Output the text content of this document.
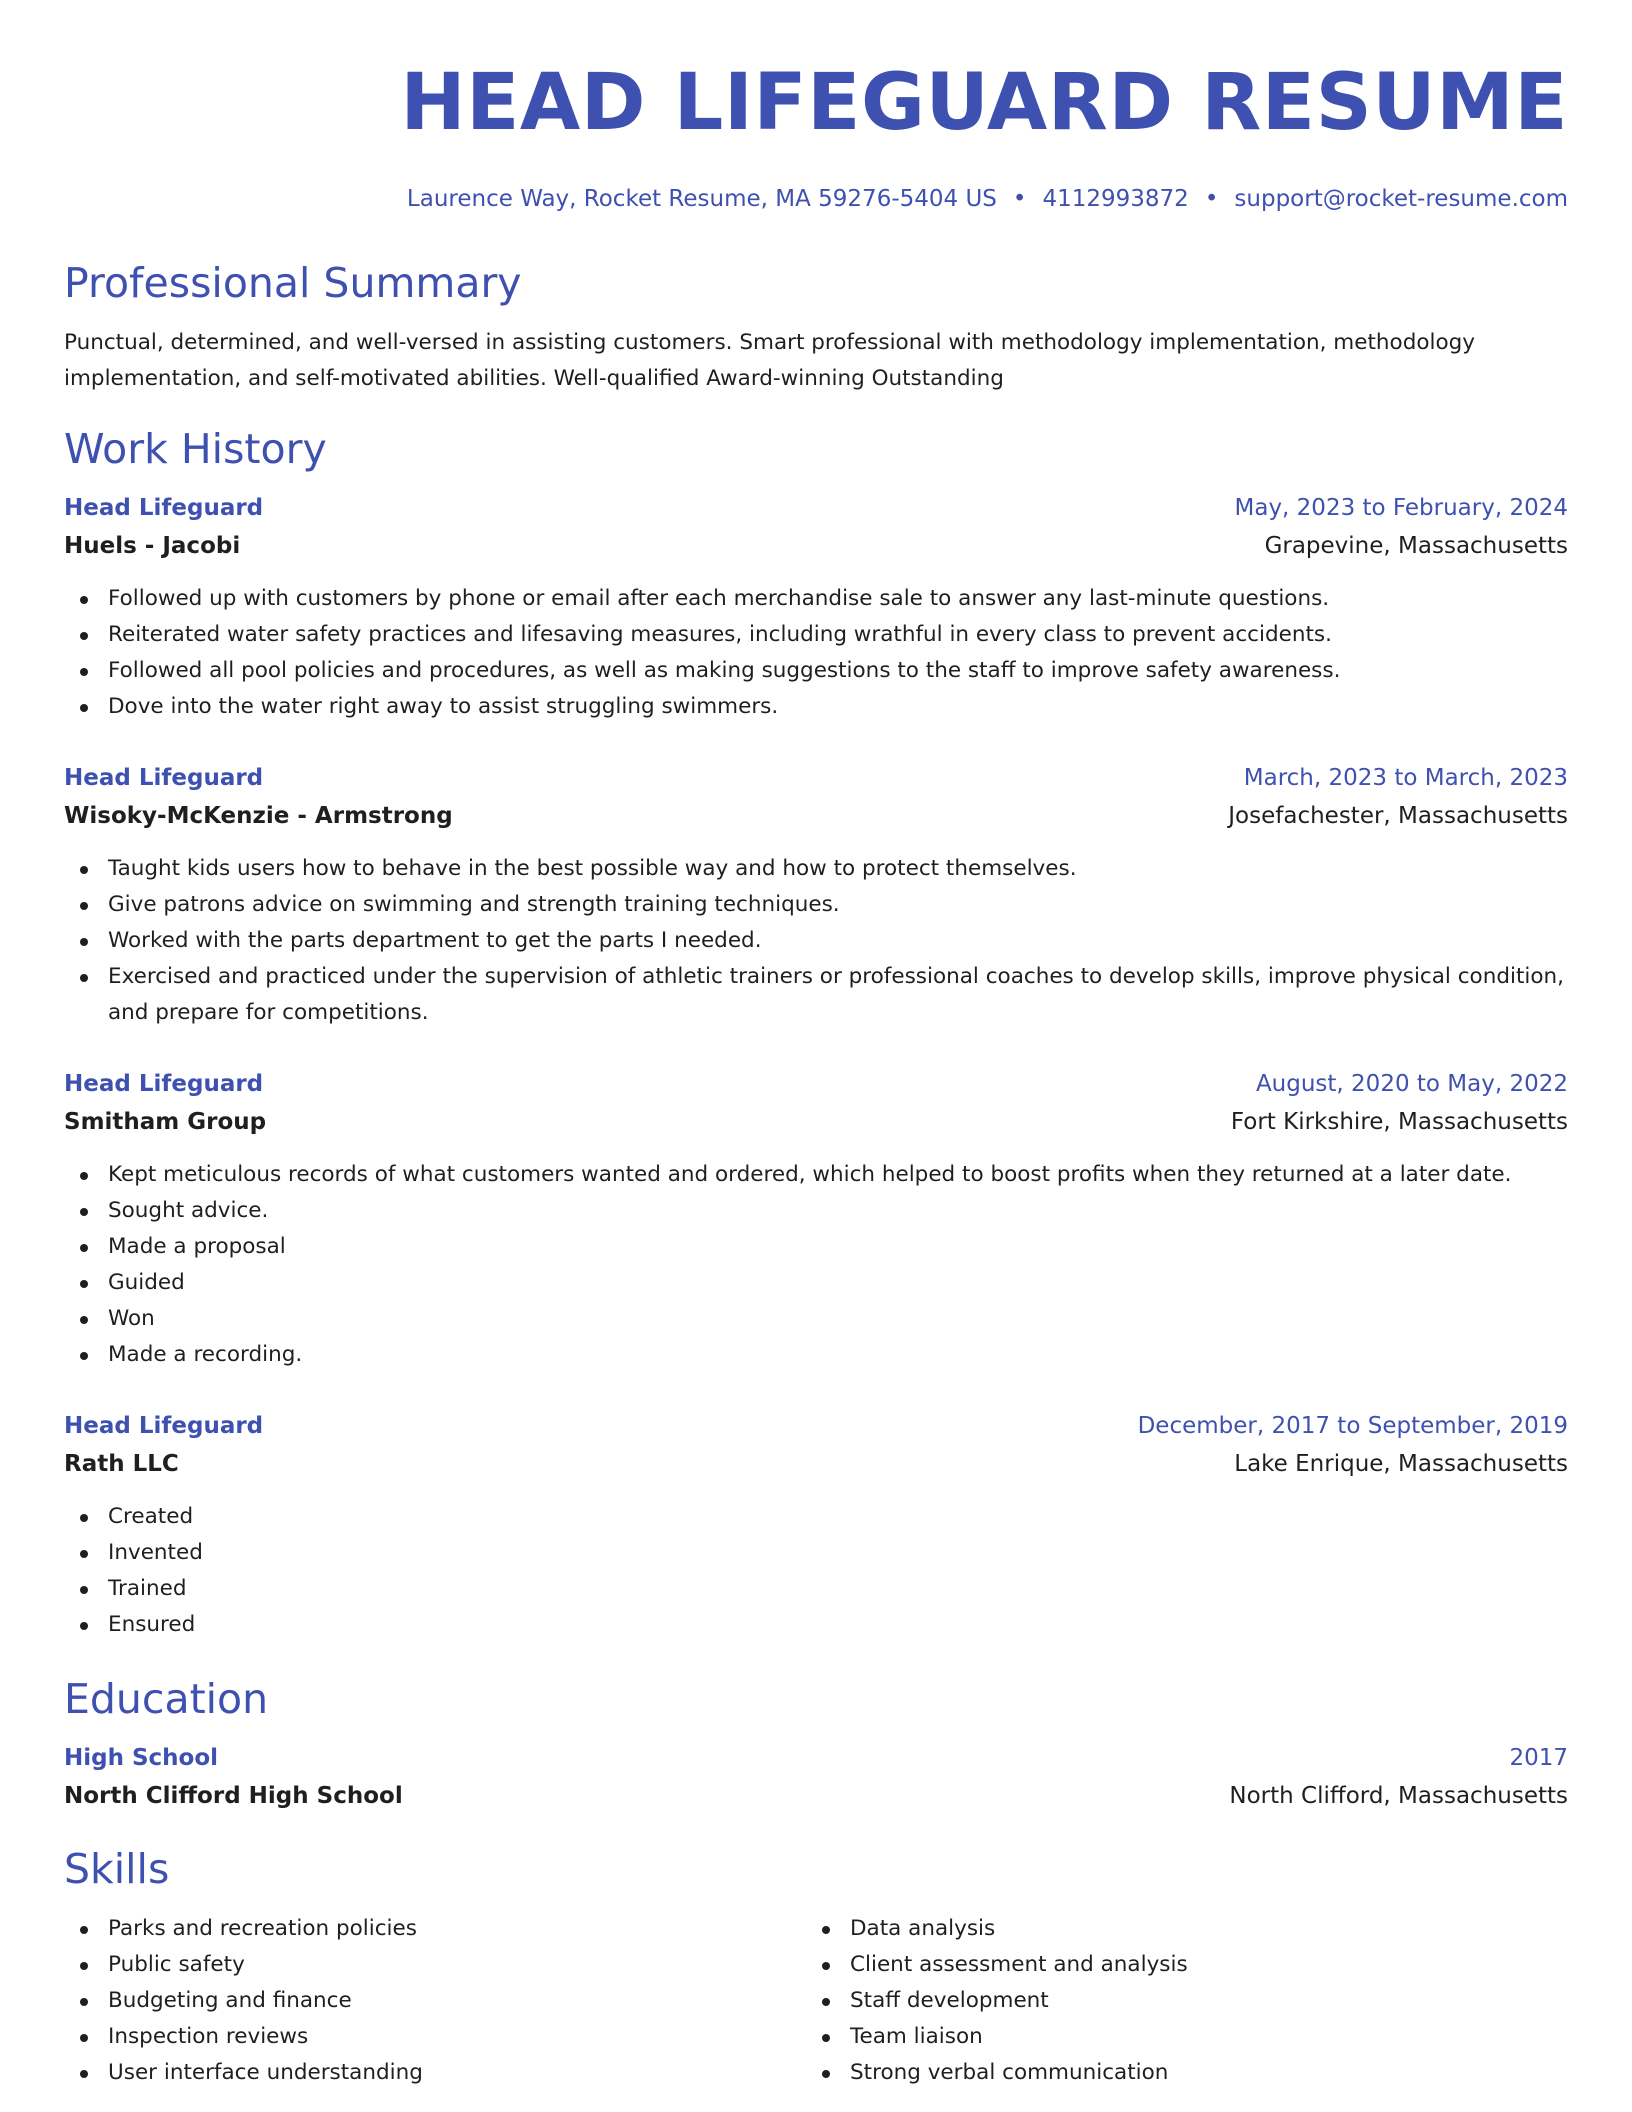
HEAD LIFEGUARD RESUME
Laurence Way, Rocket Resume, MA 59276-5404 US • 4112993872 • support@rocket-resume.com
Professional Summary
Punctual, determined, and well-versed in assisting customers. Smart professional with methodology implementation, methodology implementation, and self-motivated abilities. Well-qualified Award-winning Outstanding
Work History
Head Lifeguard	May, 2023 to February, 2024
Huels - Jacobi	Grapevine, Massachusetts
Followed up with customers by phone or email after each merchandise sale to answer any last-minute questions.
Reiterated water safety practices and lifesaving measures, including wrathful in every class to prevent accidents.
Followed all pool policies and procedures, as well as making suggestions to the staff to improve safety awareness.
Dove into the water right away to assist struggling swimmers.
Head Lifeguard	March, 2023 to March, 2023
Wisoky-McKenzie - Armstrong	Josefachester, Massachusetts
Taught kids users how to behave in the best possible way and how to protect themselves.
Give patrons advice on swimming and strength training techniques.
Worked with the parts department to get the parts I needed.
Exercised and practiced under the supervision of athletic trainers or professional coaches to develop skills, improve physical condition, and prepare for competitions.
Head Lifeguard	August, 2020 to May, 2022
Smitham Group	Fort Kirkshire, Massachusetts
Kept meticulous records of what customers wanted and ordered, which helped to boost profits when they returned at a later date.
Sought advice.
Made a proposal
Guided
Won
Made a recording.
Head Lifeguard	December, 2017 to September, 2019
Rath LLC	Lake Enrique, Massachusetts
Created
Invented
Trained
Ensured
Education
High School	2017
North Clifford High School	North Clifford, Massachusetts
Skills
Parks and recreation policies
Public safety
Budgeting and finance
Inspection reviews
User interface understanding
Data analysis
Client assessment and analysis
Staff development
Team liaison
Strong verbal communication
